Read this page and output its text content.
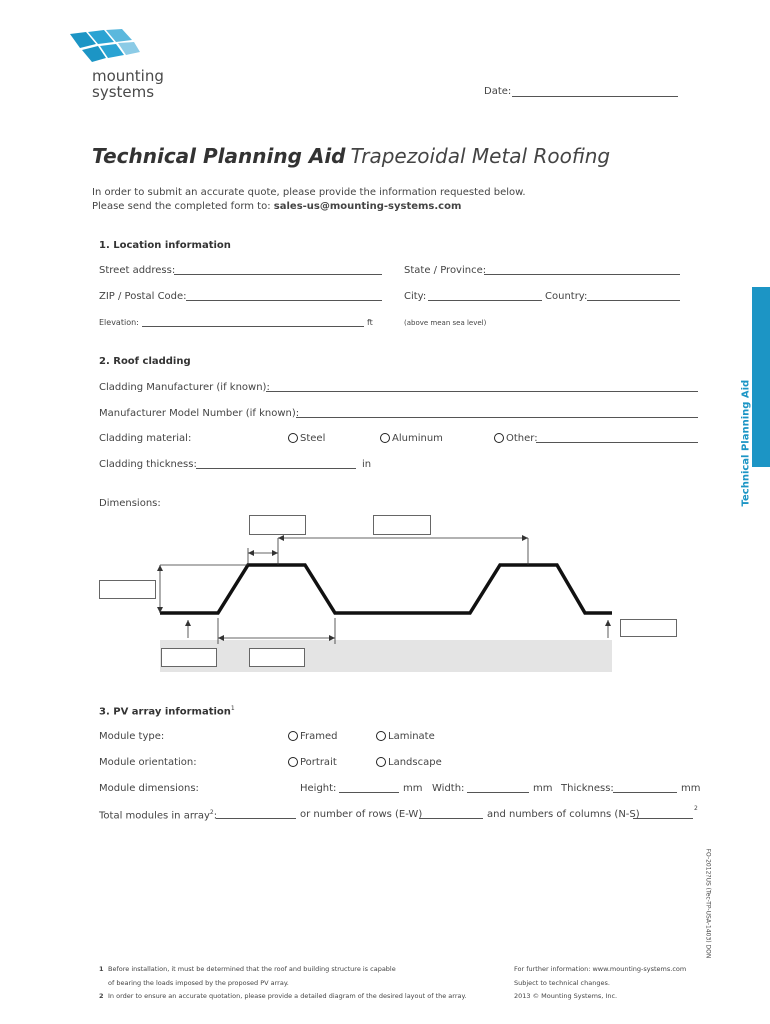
mounting
systems	Date:
Technical Planning Aid Trapezoidal Metal Roofing
In order to submit an accurate quote, please provide the information requested below.
Please send the completed form to: sales-us@mounting-systems.com
Technical Planning Aid
1. Location information
Street address:	State / Province:
ZIP / Postal Code:	City:	Country:
Elevation:	ft	(above mean sea level)
2. Roof cladding
Cladding Manufacturer (if known):
Manufacturer Model Number (if known):
Cladding material:	Steel	Aluminum	Other:
Cladding thickness:	in
Dimensions:
3. PV array information$^1$
Module type:	Framed	Laminate
Module orientation:	Portrait	Landscape
Module dimensions:	Height:	mm Width:	mm Thickness:	mm
Total modules in array$^2$:	or number of rows (E-W)	and numbers of columns (N-S)
2
FO-2012?US (Tec-TP-USA-1403) DON
1 Before installation, it must be determined that the roof and building structure is capable
of bearing the loads imposed by the proposed PV array.
2 In order to ensure an accurate quotation, please provide a detailed diagram of the desired layout of the array.
For further information: www.mounting-systems.com
Subject to technical changes.
2013 © Mounting Systems, Inc.
